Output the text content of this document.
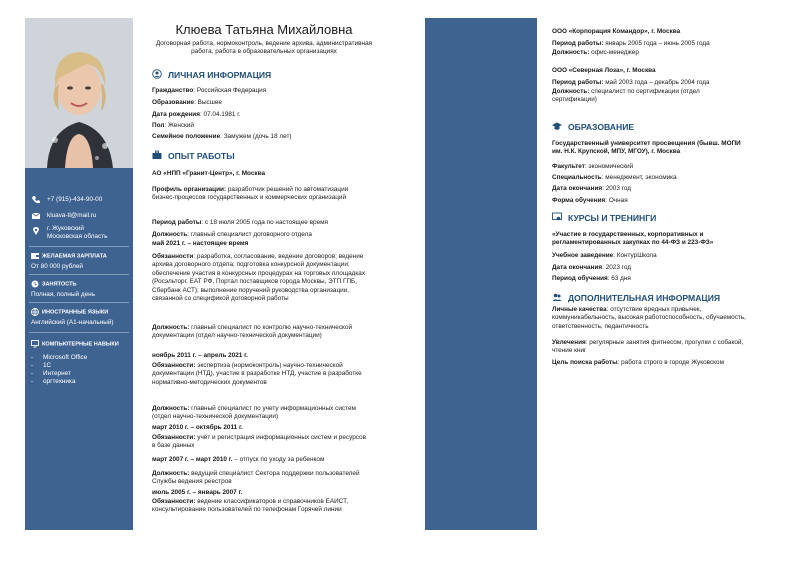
+7 (915)-434-90-00
kluava-tl@mail.ru
г. Жуковский
Московская область
ЖЕЛАЕМАЯ ЗАРПЛАТА
От 80 000 рублей
ЗАНЯТОСТЬ
Полная, полный день
ИНОСТРАННЫЕ ЯЗЫКИ
Английский (А1-начальный)
КОМПЬЮТЕРНЫЕ НАВЫКИ
- Microsoft Office
- 1С
- Интернет
- оргтехника
Клюева Татьяна Михайловна
Договорная работа, нормоконтроль, ведение архива, административная работа, работа в образовательных организациях
ЛИЧНАЯ ИНФОРМАЦИЯ
Гражданство: Российская Федерация
Образование: Высшее
Дата рождения: 07.04.1981 г.
Пол: Женский
Семейное положение: Замужем (дочь 18 лет)
ОПЫТ РАБОТЫ
АО «НПП «Гранит-Центр», г. Москва
Профиль организации: разработчик решений по автоматизации бизнес-процессов государственных и коммерческих организаций
Период работы: с 18 июля 2005 года по настоящее время
Должность: главный специалист договорного отдела
май 2021 г. – настоящее время
Обязанности: разработка, согласование, ведение договоров; ведение архива договорного отдела; подготовка конкурсной документации; обеспечение участия в конкурсных процедурах на торговых площадках (Росэльторг, ЕАТ РФ, Портал поставщиков города Москвы, ЭТП ГПБ, Сбербанк АСТ); выполнение поручений руководства организации, связанной со спецификой договорной работы
Должность: главный специалист по контролю научно-технической документации (отдел научно-технической документации)
ноябрь 2011 г. – апрель 2021 г.
Обязанности: экспертиза (нормоконтроль) научно-технической документации (НТД), участие в разработке НТД, участие в разработке нормативно-методических документов
Должность: главный специалист по учету информационных систем (отдел научно-технической документации)
март 2010 г. – октябрь 2011 г.
Обязанности: учёт и регистрация информационных систем и ресурсов в базе данных
март 2007 г. – март 2010 г. – отпуск по уходу за ребенком
Должность: ведущий специалист Сектора поддержки пользователей Службы ведения реестров
июль 2005 г. – январь 2007 г.
Обязанности: ведение классификаторов и справочников ЕАИСТ, консультирование пользователей по телефонам Горячей линии
ООО «Корпорация Командор», г. Москва
Период работы: январь 2005 года – июнь 2005 года
Должность: офис-менеджер
ООО «Северная Лоза», г. Москва
Период работы: май 2003 года – декабрь 2004 года
Должность: специалист по сертификации (отдел сертификации)
ОБРАЗОВАНИЕ
Государственный университет просвещения (бывш. МОПИ им. Н.К. Крупской, МПУ, МГОУ), г. Москва
Факультет: экономический
Специальность: менеджмент, экономика
Дата окончания: 2003 год
Форма обучения: Очная
КУРСЫ И ТРЕНИНГИ
«Участие в государственных, корпоративных и регламентированных закупках по 44-ФЗ и 223-ФЗ»
Учебное заведение: КонтурШкола
Дата окончания: 2023 год
Период обучения: 63 дня
ДОПОЛНИТЕЛЬНАЯ ИНФОРМАЦИЯ
Личные качества: отсутствие вредных привычек, коммуникабельность, высокая работоспособность, обучаемость, ответственность, педантичность
Увлечения: регулярные занятия фитнесом, прогулки с собакой, чтение книг
Цель поиска работы: работа строго в городе Жуковском
